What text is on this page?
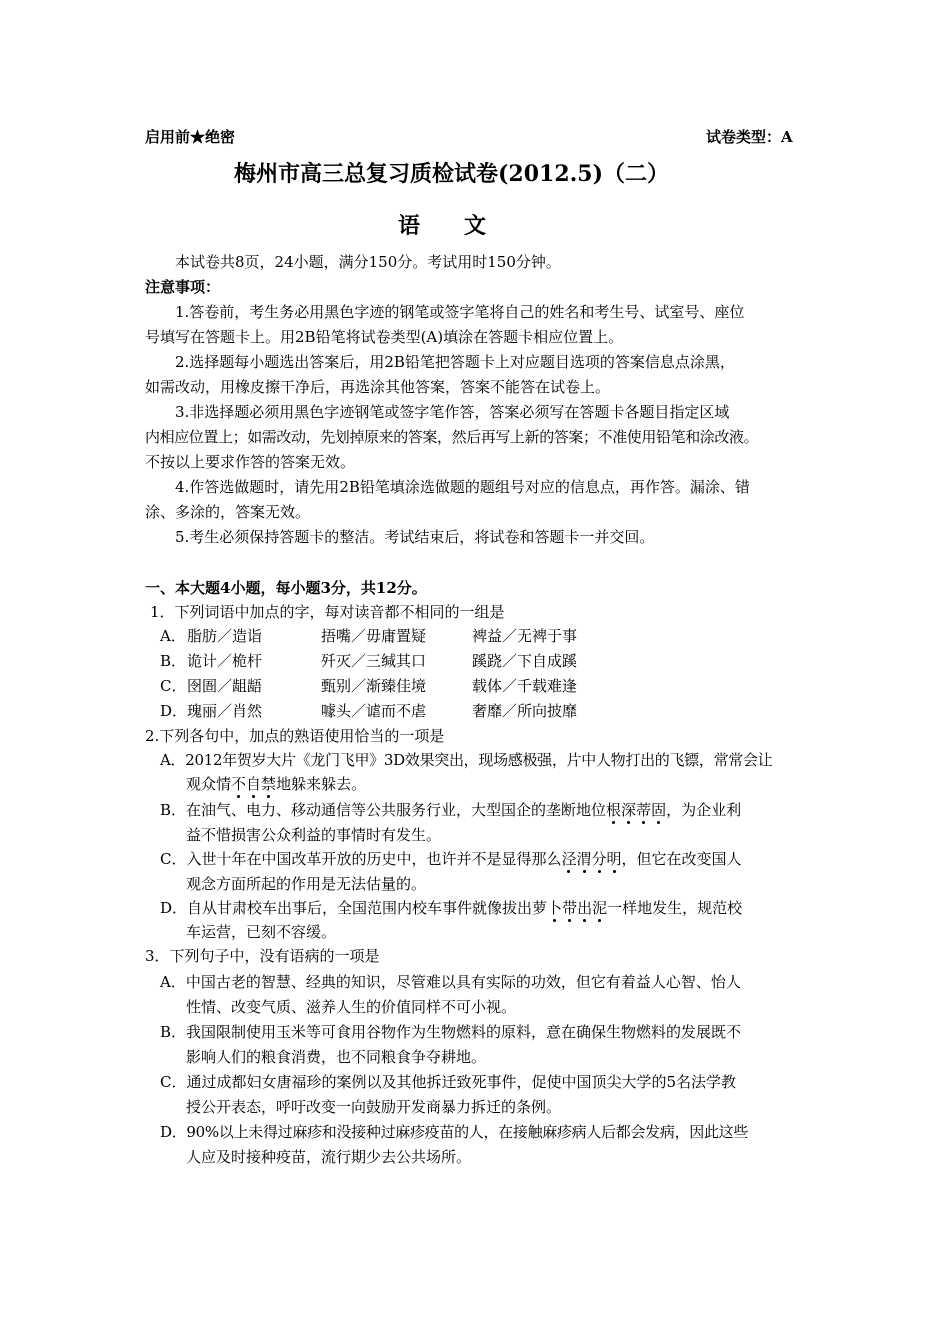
启用前★绝密	试卷类型：A
梅州市高三总复习质检试卷(2012.5)（二）
语文
本试卷共8页，24小题，满分150分。考试用时150分钟。
注意事项：
1.答卷前，考生务必用黑色字迹的钢笔或签字笔将自己的姓名和考生号、试室号、座位
号填写在答题卡上。用2B铅笔将试卷类型(A)填涂在答题卡相应位置上。
2.选择题每小题选出答案后，用2B铅笔把答题卡上对应题目选项的答案信息点涂黑，
如需改动，用橡皮擦干净后，再选涂其他答案，答案不能答在试卷上。
3.非选择题必须用黑色字迹钢笔或签字笔作答，答案必须写在答题卡各题目指定区域
内相应位置上；如需改动，先划掉原来的答案，然后再写上新的答案；不准使用铅笔和涂改液。
不按以上要求作答的答案无效。
4.作答选做题时，请先用2B铅笔填涂选做题的题组号对应的信息点，再作答。漏涂、错
涂、多涂的，答案无效。
5.考生必须保持答题卡的整洁。考试结束后，将试卷和答题卡一并交回。
一、本大题4小题，每小题3分，共12分。
1．下列词语中加点的字，每对读音都不相同的一组是
A． 脂肪／造诣	捂嘴／毋庸置疑	裨益／无裨于事
B． 诡计／桅杆	歼灭／三缄其口	蹊跷／下自成蹊
C． 囹圄／龃龉	甄别／渐臻佳境	载体／千载难逢
D． 瑰丽／肖然	噱头／谑而不虐	奢靡／所向披靡
2.下列各句中，加点的熟语使用恰当的一项是
A．2012年贺岁大片《龙门飞甲》3D效果突出，现场感极强，片中人物打出的飞镖，常常会让
观众情不自禁地躲来躲去。
B．在油气、电力、移动通信等公共服务行业，大型国企的垄断地位根深蒂固，为企业利
益不惜损害公众利益的事情时有发生。
C．入世十年在中国改革开放的历史中，也许并不是显得那么泾渭分明，但它在改变国人
观念方面所起的作用是无法估量的。
D．自从甘肃校车出事后，全国范围内校车事件就像拔出萝卜带出泥一样地发生，规范校
车运营，已刻不容缓。
3．下列句子中，没有语病的一项是
A．中国古老的智慧、经典的知识，尽管难以具有实际的功效，但它有着益人心智、怡人
性情、改变气质、滋养人生的价值同样不可小视。
B．我国限制使用玉米等可食用谷物作为生物燃料的原料，意在确保生物燃料的发展既不
影响人们的粮食消费，也不同粮食争夺耕地。
C．通过成都妇女唐福珍的案例以及其他拆迁致死事件，促使中国顶尖大学的5名法学教
授公开表态，呼吁改变一向鼓励开发商暴力拆迁的条例。
D．90%以上未得过麻疹和没接种过麻疹疫苗的人，在接触麻疹病人后都会发病，因此这些
人应及时接种疫苗，流行期少去公共场所。
